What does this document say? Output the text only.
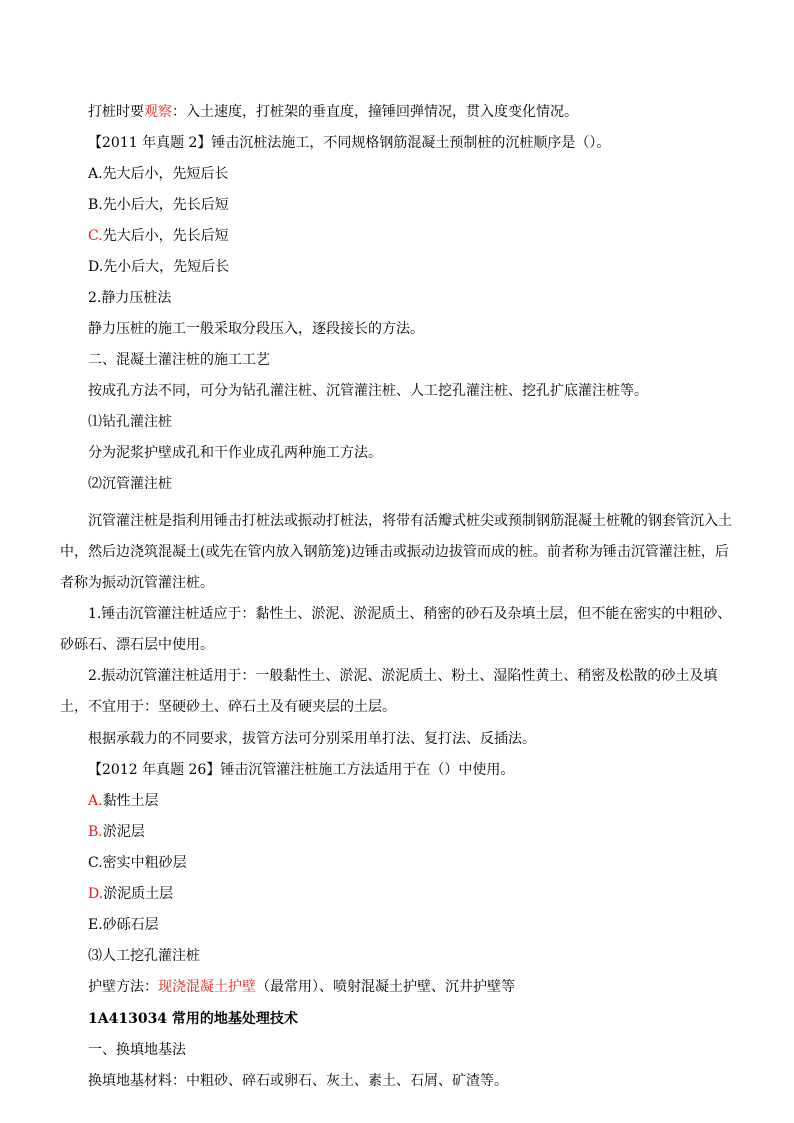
打桩时要观察：入土速度，打桩架的垂直度，撞锤回弹情况，贯入度变化情况。
【2011 年真题 2】锤击沉桩法施工，不同规格钢筋混凝土预制桩的沉桩顺序是（）。
A.先大后小，先短后长
B.先小后大，先长后短
C.先大后小，先长后短
D.先小后大，先短后长
2.静力压桩法
静力压桩的施工一般采取分段压入，逐段接长的方法。
二、混凝土灌注桩的施工工艺
按成孔方法不同，可分为钻孔灌注桩、沉管灌注桩、人工挖孔灌注桩、挖孔扩底灌注桩等。
⑴钻孔灌注桩
分为泥浆护壁成孔和干作业成孔两种施工方法。
⑵沉管灌注桩
沉管灌注桩是指利用锤击打桩法或振动打桩法，将带有活瓣式桩尖或预制钢筋混凝土桩靴的钢套管沉入土中，然后边浇筑混凝土(或先在管内放入钢筋笼)边锤击或振动边拔管而成的桩。前者称为锤击沉管灌注桩，后者称为振动沉管灌注桩。
1.锤击沉管灌注桩适应于：黏性土、淤泥、淤泥质土、稍密的砂石及杂填土层，但不能在密实的中粗砂、砂砾石、漂石层中使用。
2.振动沉管灌注桩适用于：一般黏性土、淤泥、淤泥质土、粉土、湿陷性黄土、稍密及松散的砂土及填土，不宜用于：坚硬砂土、碎石土及有硬夹层的土层。
根据承载力的不同要求，拔管方法可分别采用单打法、复打法、反插法。
【2012 年真题 26】锤击沉管灌注桩施工方法适用于在（）中使用。
A.黏性土层
B.淤泥层
C.密实中粗砂层
D.淤泥质土层
E.砂砾石层
⑶人工挖孔灌注桩
护壁方法：现浇混凝土护壁（最常用）、喷射混凝土护壁、沉井护壁等
1A413034 常用的地基处理技术
一、换填地基法
换填地基材料：中粗砂、碎石或卵石、灰土、素土、石屑、矿渣等。
